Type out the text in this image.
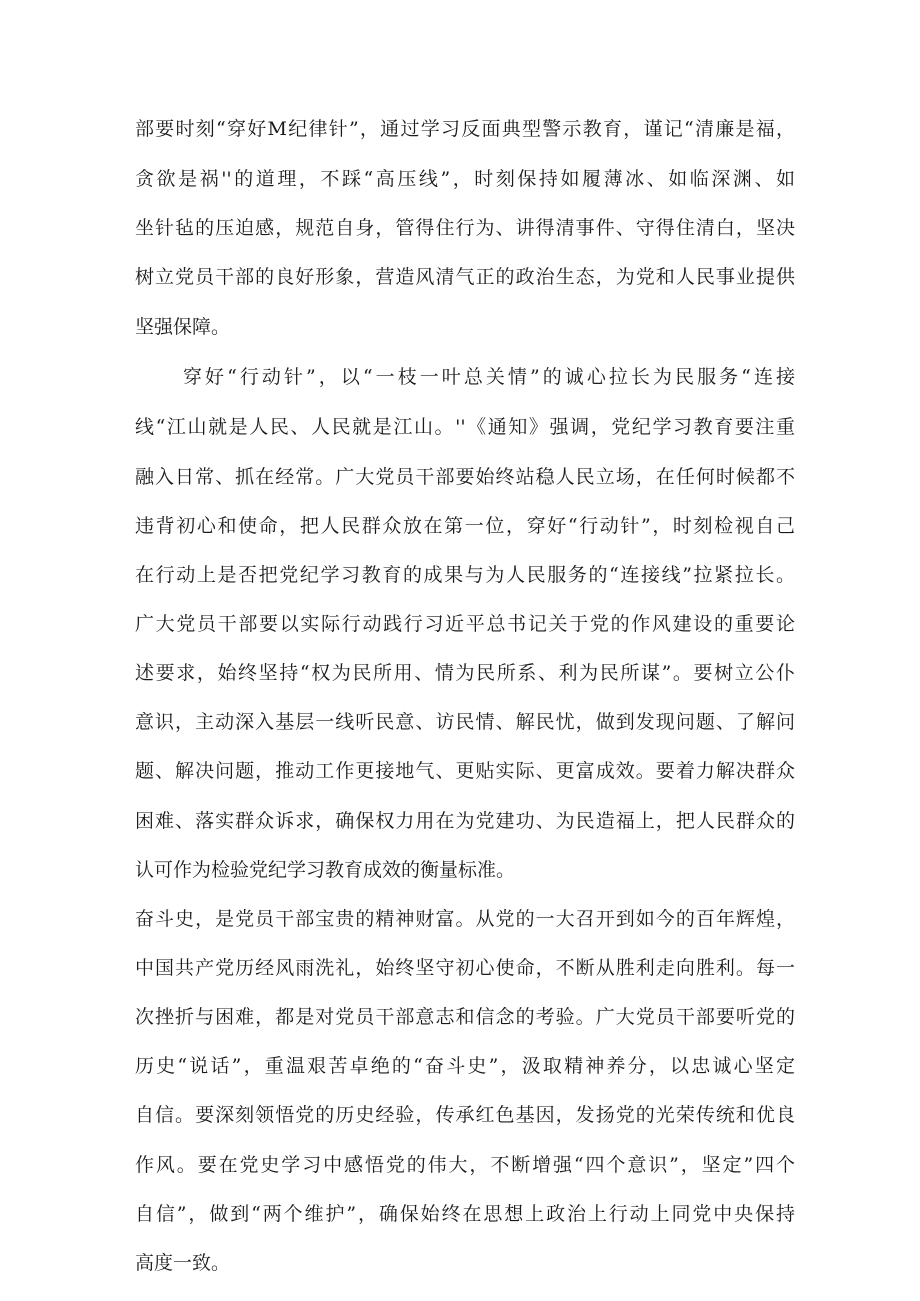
部要时刻“穿好M纪律针”，通过学习反面典型警示教育，谨记“清廉是福，
贪欲是祸''的道理，不踩“高压线”，时刻保持如履薄冰、如临深渊、如
坐针毡的压迫感，规范自身，管得住行为、讲得清事件、守得住清白，坚决
树立党员干部的良好形象，营造风清气正的政治生态，为党和人民事业提供
坚强保障。
穿好“行动针”，以“一枝一叶总关情”的诚心拉长为民服务“连接
线“江山就是人民、人民就是江山。''《通知》强调，党纪学习教育要注重
融入日常、抓在经常。广大党员干部要始终站稳人民立场，在任何时候都不
违背初心和使命，把人民群众放在第一位，穿好“行动针”，时刻检视自己
在行动上是否把党纪学习教育的成果与为人民服务的“连接线”拉紧拉长。
广大党员干部要以实际行动践行习近平总书记关于党的作风建设的重要论
述要求，始终坚持“权为民所用、情为民所系、利为民所谋”。要树立公仆
意识，主动深入基层一线听民意、访民情、解民忧，做到发现问题、了解问
题、解决问题，推动工作更接地气、更贴实际、更富成效。要着力解决群众
困难、落实群众诉求，确保权力用在为党建功、为民造福上，把人民群众的
认可作为检验党纪学习教育成效的衡量标准。
奋斗史，是党员干部宝贵的精神财富。从党的一大召开到如今的百年辉煌，
中国共产党历经风雨洗礼，始终坚守初心使命，不断从胜利走向胜利。每一
次挫折与困难，都是对党员干部意志和信念的考验。广大党员干部要听党的
历史“说话”，重温艰苦卓绝的“奋斗史”，汲取精神养分，以忠诚心坚定
自信。要深刻领悟党的历史经验，传承红色基因，发扬党的光荣传统和优良
作风。要在党史学习中感悟党的伟大，不断增强“四个意识”，坚定”四个
自信”，做到“两个维护”，确保始终在思想上政治上行动上同党中央保持
高度一致。
